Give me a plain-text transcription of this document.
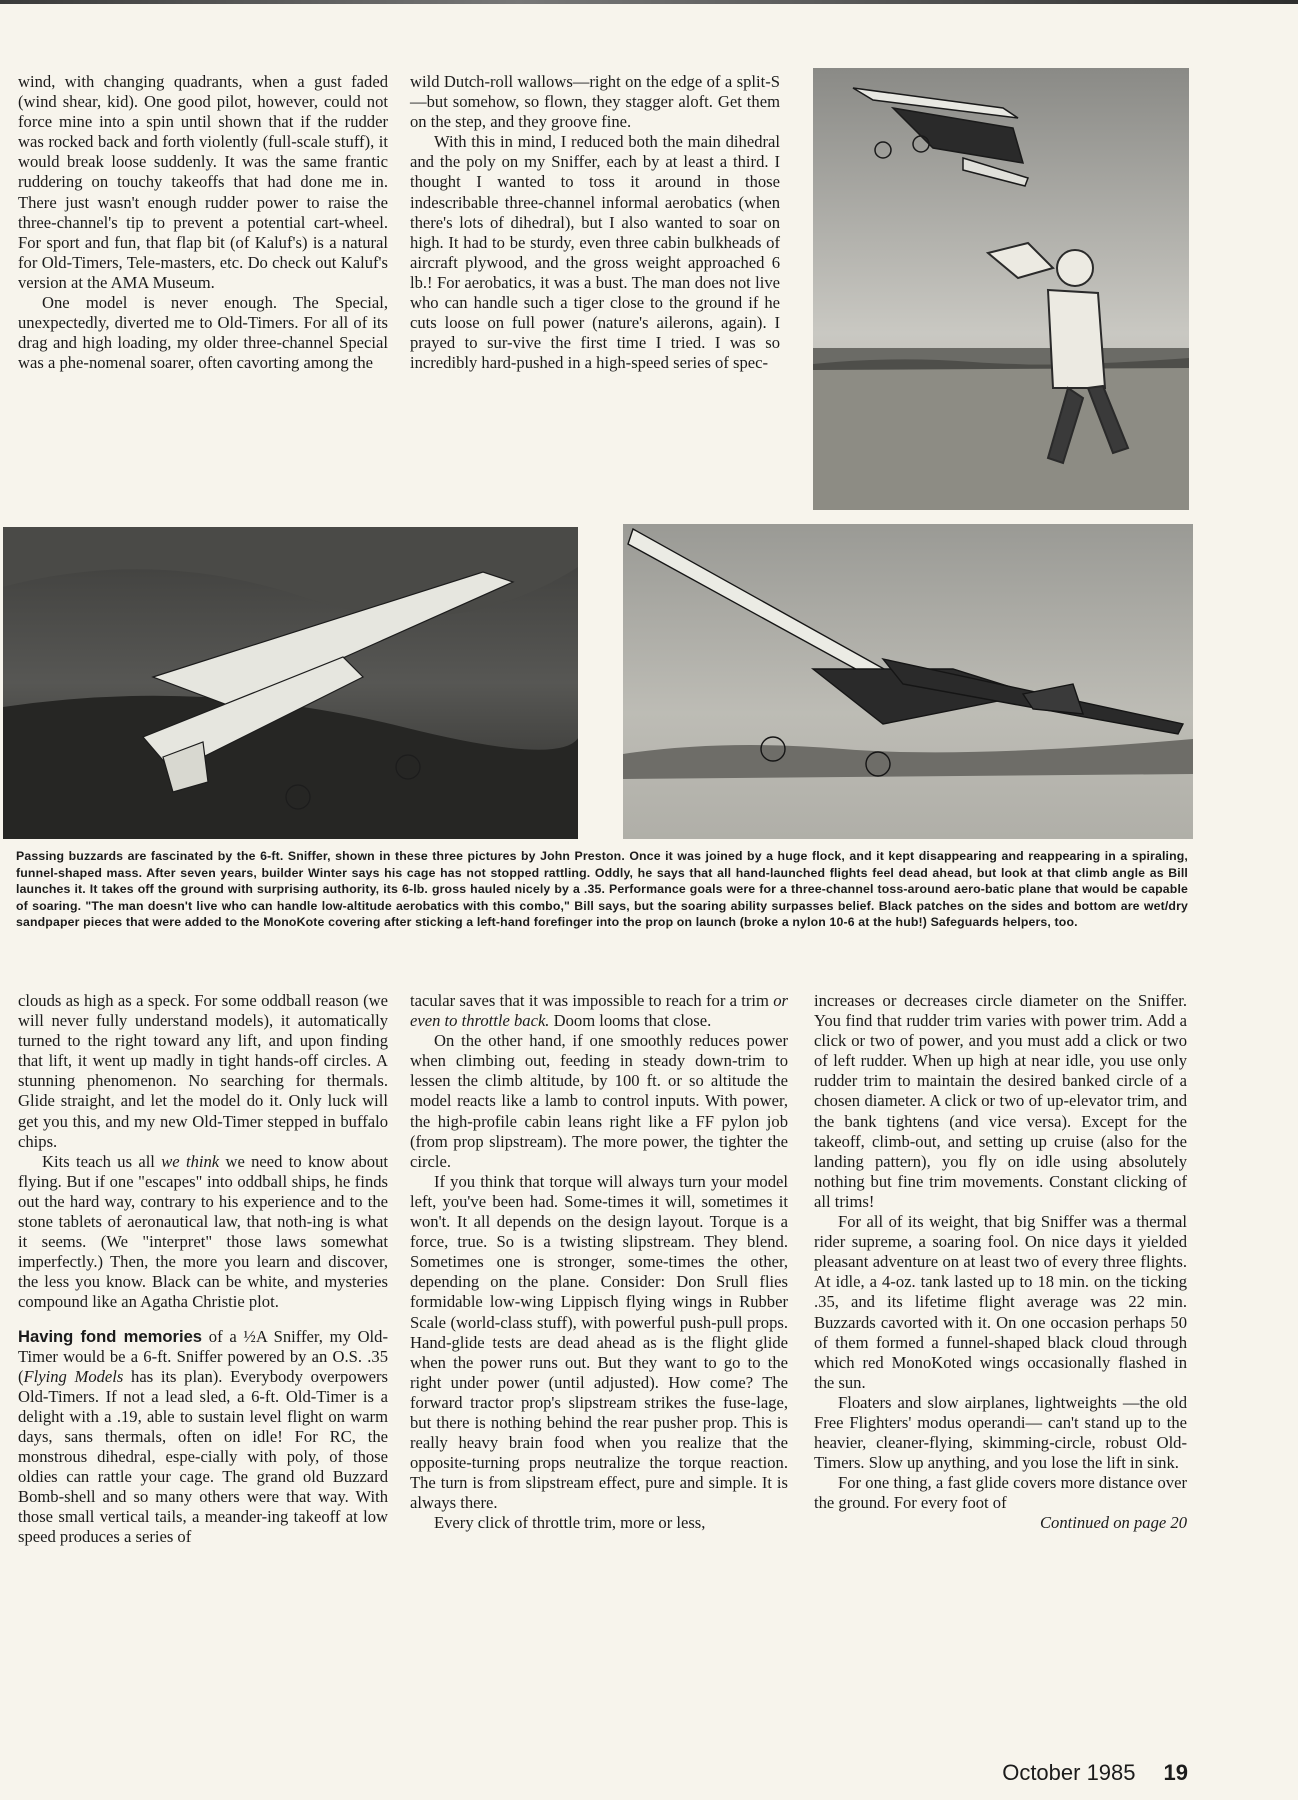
wind, with changing quadrants, when a gust faded (wind shear, kid). One good pilot, however, could not force mine into a spin until shown that if the rudder was rocked back and forth violently (full-scale stuff), it would break loose suddenly. It was the same frantic ruddering on touchy takeoffs that had done me in. There just wasn't enough rudder power to raise the three-channel's tip to prevent a potential cart-wheel. For sport and fun, that flap bit (of Kaluf's) is a natural for Old-Timers, Tele-masters, etc. Do check out Kaluf's version at the AMA Museum.

One model is never enough. The Special, unexpectedly, diverted me to Old-Timers. For all of its drag and high loading, my older three-channel Special was a phe-nomenal soarer, often cavorting among the

wild Dutch-roll wallows—right on the edge of a split-S—but somehow, so flown, they stagger aloft. Get them on the step, and they groove fine.

With this in mind, I reduced both the main dihedral and the poly on my Sniffer, each by at least a third. I thought I wanted to toss it around in those indescribable three-channel informal aerobatics (when there's lots of dihedral), but I also wanted to soar on high. It had to be sturdy, even three cabin bulkheads of aircraft plywood, and the gross weight approached 6 lb.! For aerobatics, it was a bust. The man does not live who can handle such a tiger close to the ground if he cuts loose on full power (nature's ailerons, again). I prayed to sur-vive the first time I tried. I was so incredibly hard-pushed in a high-speed series of spec-

Passing buzzards are fascinated by the 6-ft. Sniffer, shown in these three pictures by John Preston. Once it was joined by a huge flock, and it kept disappearing and reappearing in a spiraling, funnel-shaped mass. After seven years, builder Winter says his cage has not stopped rattling. Oddly, he says that all hand-launched flights feel dead ahead, but look at that climb angle as Bill launches it. It takes off the ground with surprising authority, its 6-lb. gross hauled nicely by a .35. Performance goals were for a three-channel toss-around aero-batic plane that would be capable of soaring. "The man doesn't live who can handle low-altitude aerobatics with this combo," Bill says, but the soaring ability surpasses belief. Black patches on the sides and bottom are wet/dry sandpaper pieces that were added to the MonoKote covering after sticking a left-hand forefinger into the prop on launch (broke a nylon 10-6 at the hub!) Safeguards helpers, too.

clouds as high as a speck. For some oddball reason (we will never fully understand models), it automatically turned to the right toward any lift, and upon finding that lift, it went up madly in tight hands-off circles. A stunning phenomenon. No searching for thermals. Glide straight, and let the model do it. Only luck will get you this, and my new Old-Timer stepped in buffalo chips.

Kits teach us all we think we need to know about flying. But if one "escapes" into oddball ships, he finds out the hard way, contrary to his experience and to the stone tablets of aeronautical law, that noth-ing is what it seems. (We "interpret" those laws somewhat imperfectly.) Then, the more you learn and discover, the less you know. Black can be white, and mysteries compound like an Agatha Christie plot.

Having fond memories of a ½A Sniffer, my Old-Timer would be a 6-ft. Sniffer powered by an O.S. .35 (Flying Models has its plan). Everybody overpowers Old-Timers. If not a lead sled, a 6-ft. Old-Timer is a delight with a .19, able to sustain level flight on warm days, sans thermals, often on idle! For RC, the monstrous dihedral, espe-cially with poly, of those oldies can rattle your cage. The grand old Buzzard Bomb-shell and so many others were that way. With those small vertical tails, a meander-ing takeoff at low speed produces a series of

tacular saves that it was impossible to reach for a trim or even to throttle back. Doom looms that close.

On the other hand, if one smoothly reduces power when climbing out, feeding in steady down-trim to lessen the climb altitude, by 100 ft. or so altitude the model reacts like a lamb to control inputs. With power, the high-profile cabin leans right like a FF pylon job (from prop slipstream). The more power, the tighter the circle.

If you think that torque will always turn your model left, you've been had. Some-times it will, sometimes it won't. It all depends on the design layout. Torque is a force, true. So is a twisting slipstream. They blend. Sometimes one is stronger, some-times the other, depending on the plane. Consider: Don Srull flies formidable low-wing Lippisch flying wings in Rubber Scale (world-class stuff), with powerful push-pull props. Hand-glide tests are dead ahead as is the flight glide when the power runs out. But they want to go to the right under power (until adjusted). How come? The forward tractor prop's slipstream strikes the fuse-lage, but there is nothing behind the rear pusher prop. This is really heavy brain food when you realize that the opposite-turning props neutralize the torque reaction. The turn is from slipstream effect, pure and simple. It is always there.

Every click of throttle trim, more or less,

increases or decreases circle diameter on the Sniffer. You find that rudder trim varies with power trim. Add a click or two of power, and you must add a click or two of left rudder. When up high at near idle, you use only rudder trim to maintain the desired banked circle of a chosen diameter. A click or two of up-elevator trim, and the bank tightens (and vice versa). Except for the takeoff, climb-out, and setting up cruise (also for the landing pattern), you fly on idle using absolutely nothing but fine trim movements. Constant clicking of all trims!

For all of its weight, that big Sniffer was a thermal rider supreme, a soaring fool. On nice days it yielded pleasant adventure on at least two of every three flights. At idle, a 4-oz. tank lasted up to 18 min. on the ticking .35, and its lifetime flight average was 22 min. Buzzards cavorted with it. On one occasion perhaps 50 of them formed a funnel-shaped black cloud through which red MonoKoted wings occasionally flashed in the sun.

Floaters and slow airplanes, lightweights —the old Free Flighters' modus operandi— can't stand up to the heavier, cleaner-flying, skimming-circle, robust Old-Timers. Slow up anything, and you lose the lift in sink.

For one thing, a fast glide covers more distance over the ground. For every foot of

Continued on page 20

October 1985 19
